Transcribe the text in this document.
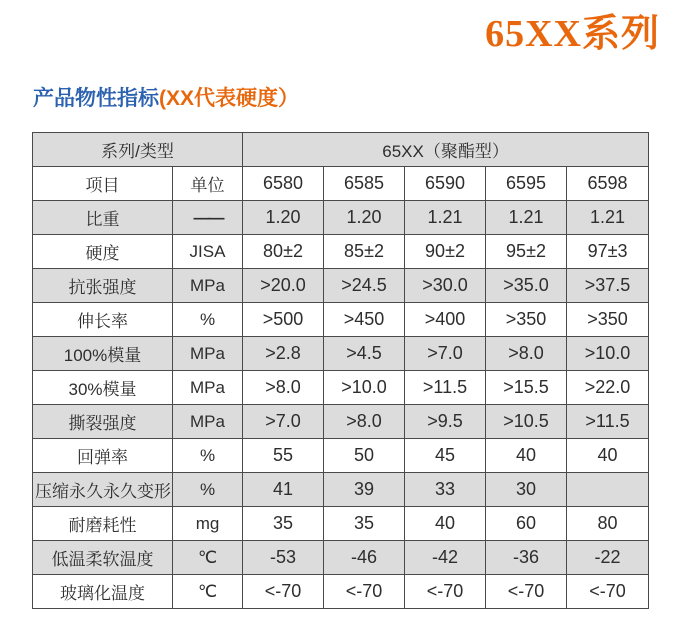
65XX系列
产品物性指标(XX代表硬度）
系列/类型		65XX（聚酯型）				
项目	单位	6580	6585	6590	6595	6598
比重	——	1.20	1.20	1.21	1.21	1.21
硬度	JISA	80±2	85±2	90±2	95±2	97±3
抗张强度	MPa	>20.0	>24.5	>30.0	>35.0	>37.5
伸长率	%	>500	>450	>400	>350	>350
100%模量	MPa	>2.8	>4.5	>7.0	>8.0	>10.0
30%模量	MPa	>8.0	>10.0	>11.5	>15.5	>22.0
撕裂强度	MPa	>7.0	>8.0	>9.5	>10.5	>11.5
回弹率	%	55	50	45	40	40
压缩永久永久变形	%	41	39	33	30	
耐磨耗性	mg	35	35	40	60	80
低温柔软温度	℃	-53	-46	-42	-36	-22
玻璃化温度	℃	<-70	<-70	<-70	<-70	<-70
